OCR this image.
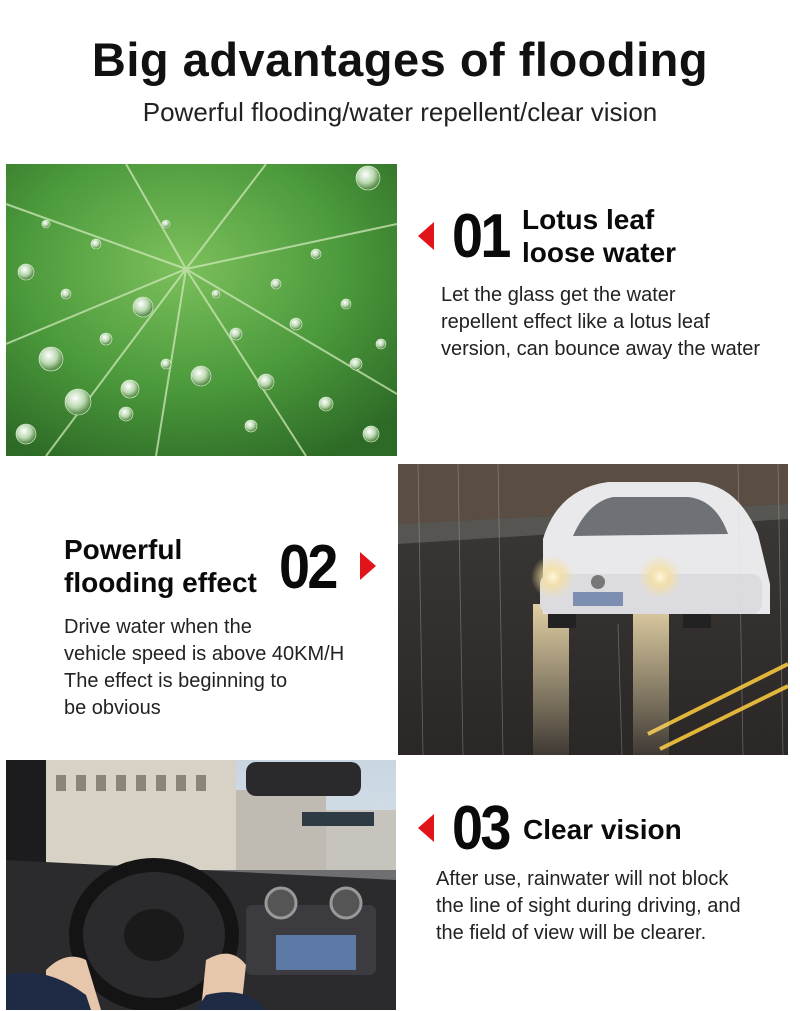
Big advantages of flooding
Powerful flooding/water repellent/clear vision
01 Lotus leaf
loose water
Let the glass get the water
repellent effect like a lotus leaf
version, can bounce away the water
Powerful
flooding effect 02
Drive water when the
vehicle speed is above 40KM/H
The effect is beginning to
be obvious
03 Clear vision
After use, rainwater will not block
the line of sight during driving, and
the field of view will be clearer.
